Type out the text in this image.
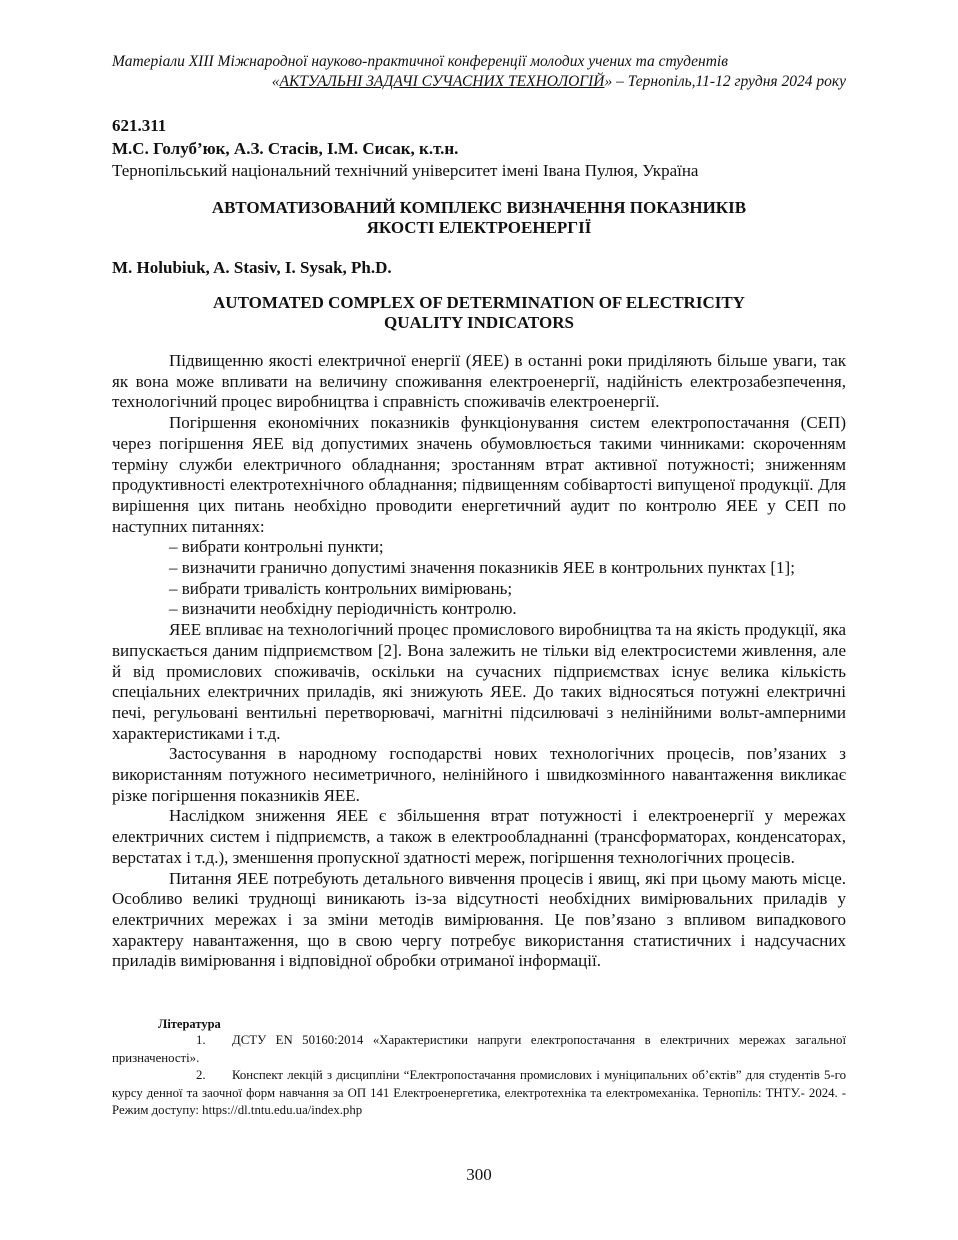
Матеріали XIII Міжнародної науково-практичної конференції молодих учених та студентів
«АКТУАЛЬНІ ЗАДАЧІ СУЧАСНИХ ТЕХНОЛОГІЙ» – Тернопіль,11-12 грудня 2024 року
621.311
М.С. Голуб’юк, А.З. Стасів, І.М. Сисак, к.т.н.
Тернопільський національний технічний університет імені Івана Пулюя, Україна
АВТОМАТИЗОВАНИЙ КОМПЛЕКС ВИЗНАЧЕННЯ ПОКАЗНИКІВ
ЯКОСТІ ЕЛЕКТРОЕНЕРГІЇ
M. Holubiuk, A. Stasiv, I. Sysak, Ph.D.
AUTOMATED COMPLEX OF DETERMINATION OF ELECTRICITY
QUALITY INDICATORS

Підвищенню якості електричної енергії (ЯЕЕ) в останні роки приділяють більше уваги, так як вона може впливати на величину споживання електроенергії, надійність електрозабезпечення, технологічний процес виробництва і справність споживачів електроенергії.

Погіршення економічних показників функціонування систем електропостачання (СЕП) через погіршення ЯЕЕ від допустимих значень обумовлюється такими чинниками: скороченням терміну служби електричного обладнання; зростанням втрат активної потужності; зниженням продуктивності електротехнічного обладнання; підвищенням собівартості випущеної продукції. Для вирішення цих питань необхідно проводити енергетичний аудит по контролю ЯЕЕ у СЕП по наступних питаннях:

– вибрати контрольні пункти;

– визначити гранично допустимі значення показників ЯЕЕ в контрольних пунктах [1];

– вибрати тривалість контрольних вимірювань;

– визначити необхідну періодичність контролю.

ЯЕЕ впливає на технологічний процес промислового виробництва та на якість продукції, яка випускається даним підприємством [2]. Вона залежить не тільки від електросистеми живлення, але й від промислових споживачів, оскільки на сучасних підприємствах існує велика кількість спеціальних електричних приладів, які знижують ЯЕЕ. До таких відносяться потужні електричні печі, регульовані вентильні перетворювачі, магнітні підсилювачі з нелінійними вольт-амперними характеристиками і т.д.

Застосування в народному господарстві нових технологічних процесів, пов’язаних з використанням потужного несиметричного, нелінійного і швидкозмінного навантаження викликає різке погіршення показників ЯЕЕ.

Наслідком зниження ЯЕЕ є збільшення втрат потужності і електроенергії у мережах електричних систем і підприємств, а також в електрообладнанні (трансформаторах, конденсаторах, верстатах і т.д.), зменшення пропускної здатності мереж, погіршення технологічних процесів.

Питання ЯЕЕ потребують детального вивчення процесів і явищ, які при цьому мають місце. Особливо великі труднощі виникають із-за відсутності необхідних вимірювальних приладів у електричних мережах і за зміни методів вимірювання. Це пов’язано з впливом випадкового характеру навантаження, що в свою чергу потребує використання статистичних і надсучасних приладів вимірювання і відповідної обробки отриманої інформації.

Література

1. ДСТУ EN 50160:2014 «Характеристики напруги електропостачання в електричних мережах загальної призначеності».

2. Конспект лекцій з дисципліни “Електропостачання промислових і муніципальних об’єктів” для студентів 5-го курсу денної та заочної форм навчання за ОП 141 Електроенергетика, електротехніка та електромеханіка. Тернопіль: ТНТУ.- 2024. - Режим доступу: https://dl.tntu.edu.ua/index.php

300
